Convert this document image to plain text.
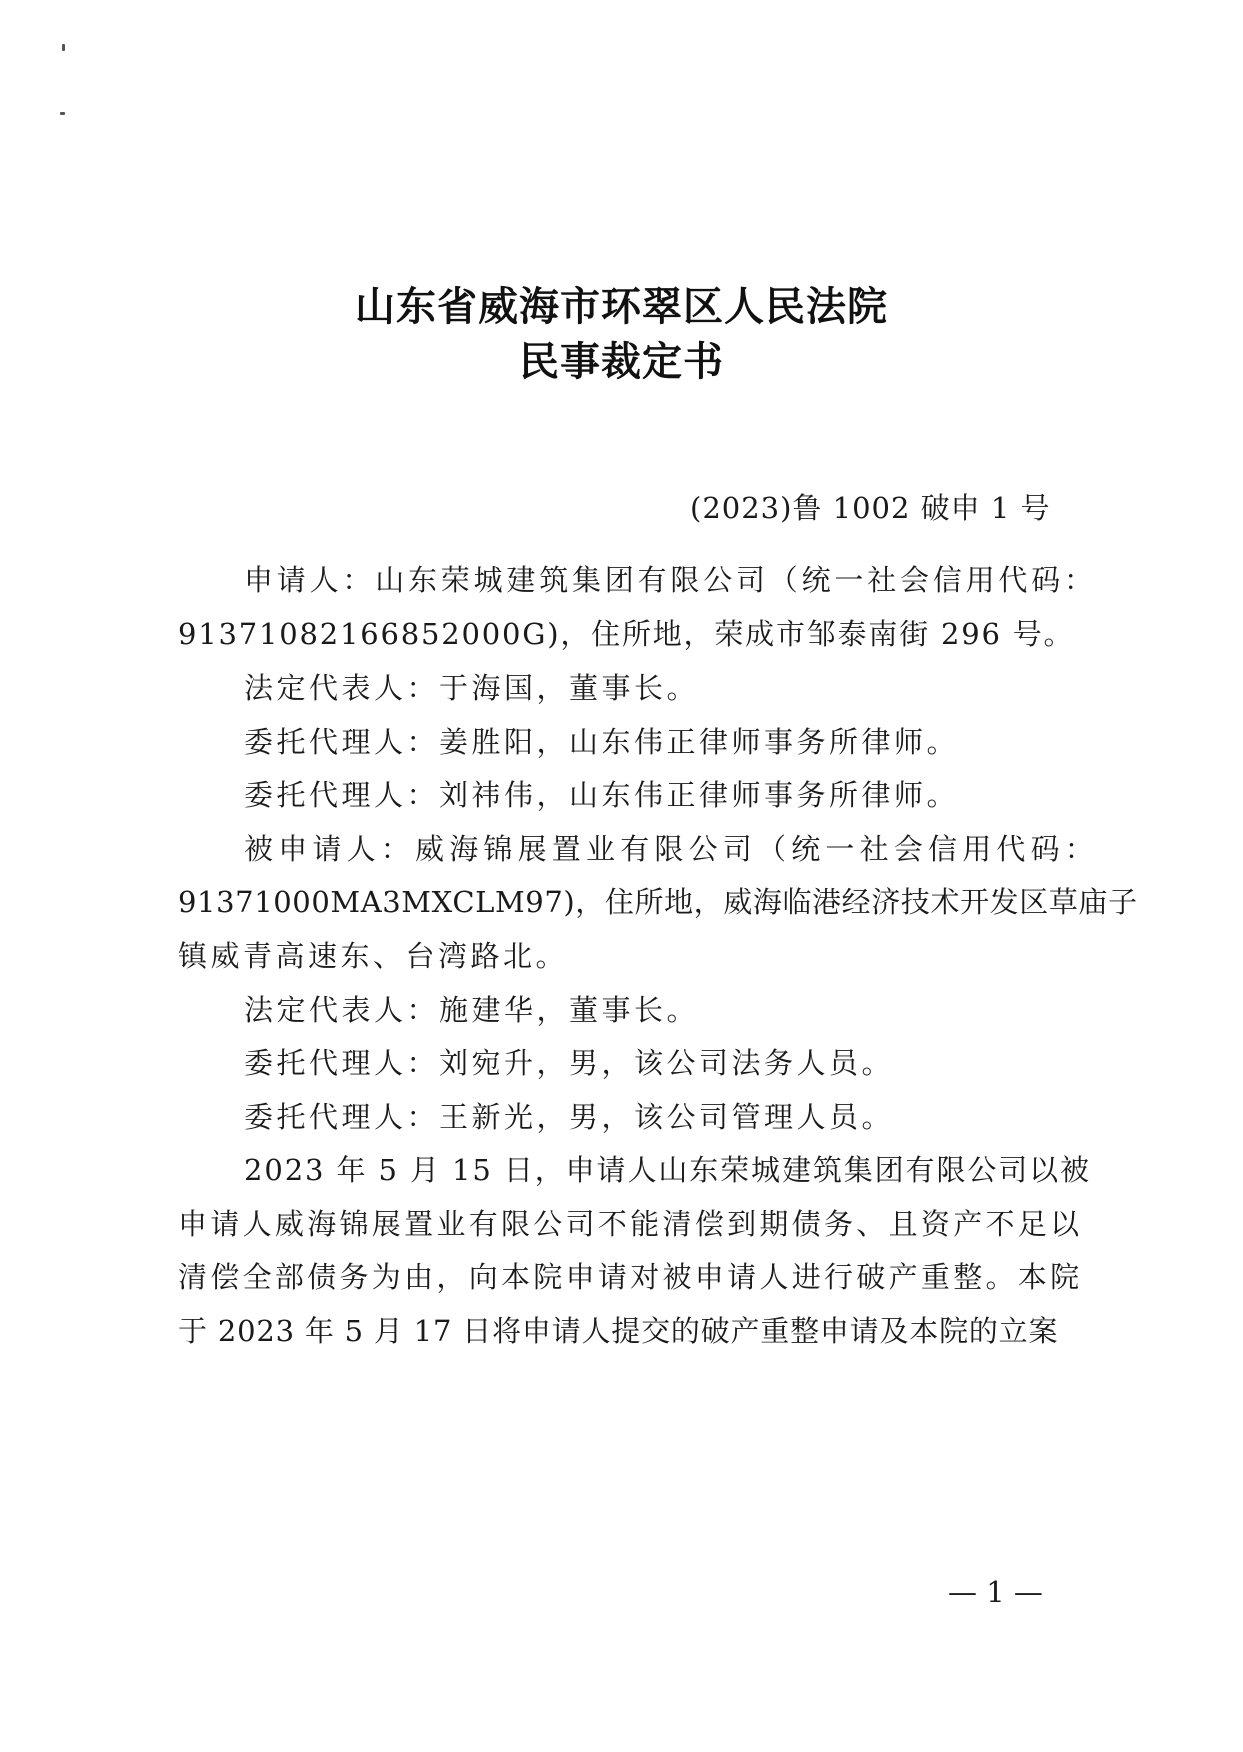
山东省威海市环翠区人民法院
民事裁定书
(2023)鲁 1002 破申 1 号
申请人：山东荣城建筑集团有限公司（统一社会信用代码：
91371082166852000G)，住所地，荣成市邹泰南街 296 号。
法定代表人：于海国，董事长。
委托代理人：姜胜阳，山东伟正律师事务所律师。
委托代理人：刘祎伟，山东伟正律师事务所律师。
被申请人：威海锦展置业有限公司（统一社会信用代码：
91371000MA3MXCLM97)，住所地，威海临港经济技术开发区草庙子
镇威青高速东、台湾路北。
法定代表人：施建华，董事长。
委托代理人：刘宛升，男，该公司法务人员。
委托代理人：王新光，男，该公司管理人员。
2023 年 5 月 15 日，申请人山东荣城建筑集团有限公司以被
申请人威海锦展置业有限公司不能清偿到期债务、且资产不足以
清偿全部债务为由，向本院申请对被申请人进行破产重整。本院
于 2023 年 5 月 17 日将申请人提交的破产重整申请及本院的立案
— 1 —
